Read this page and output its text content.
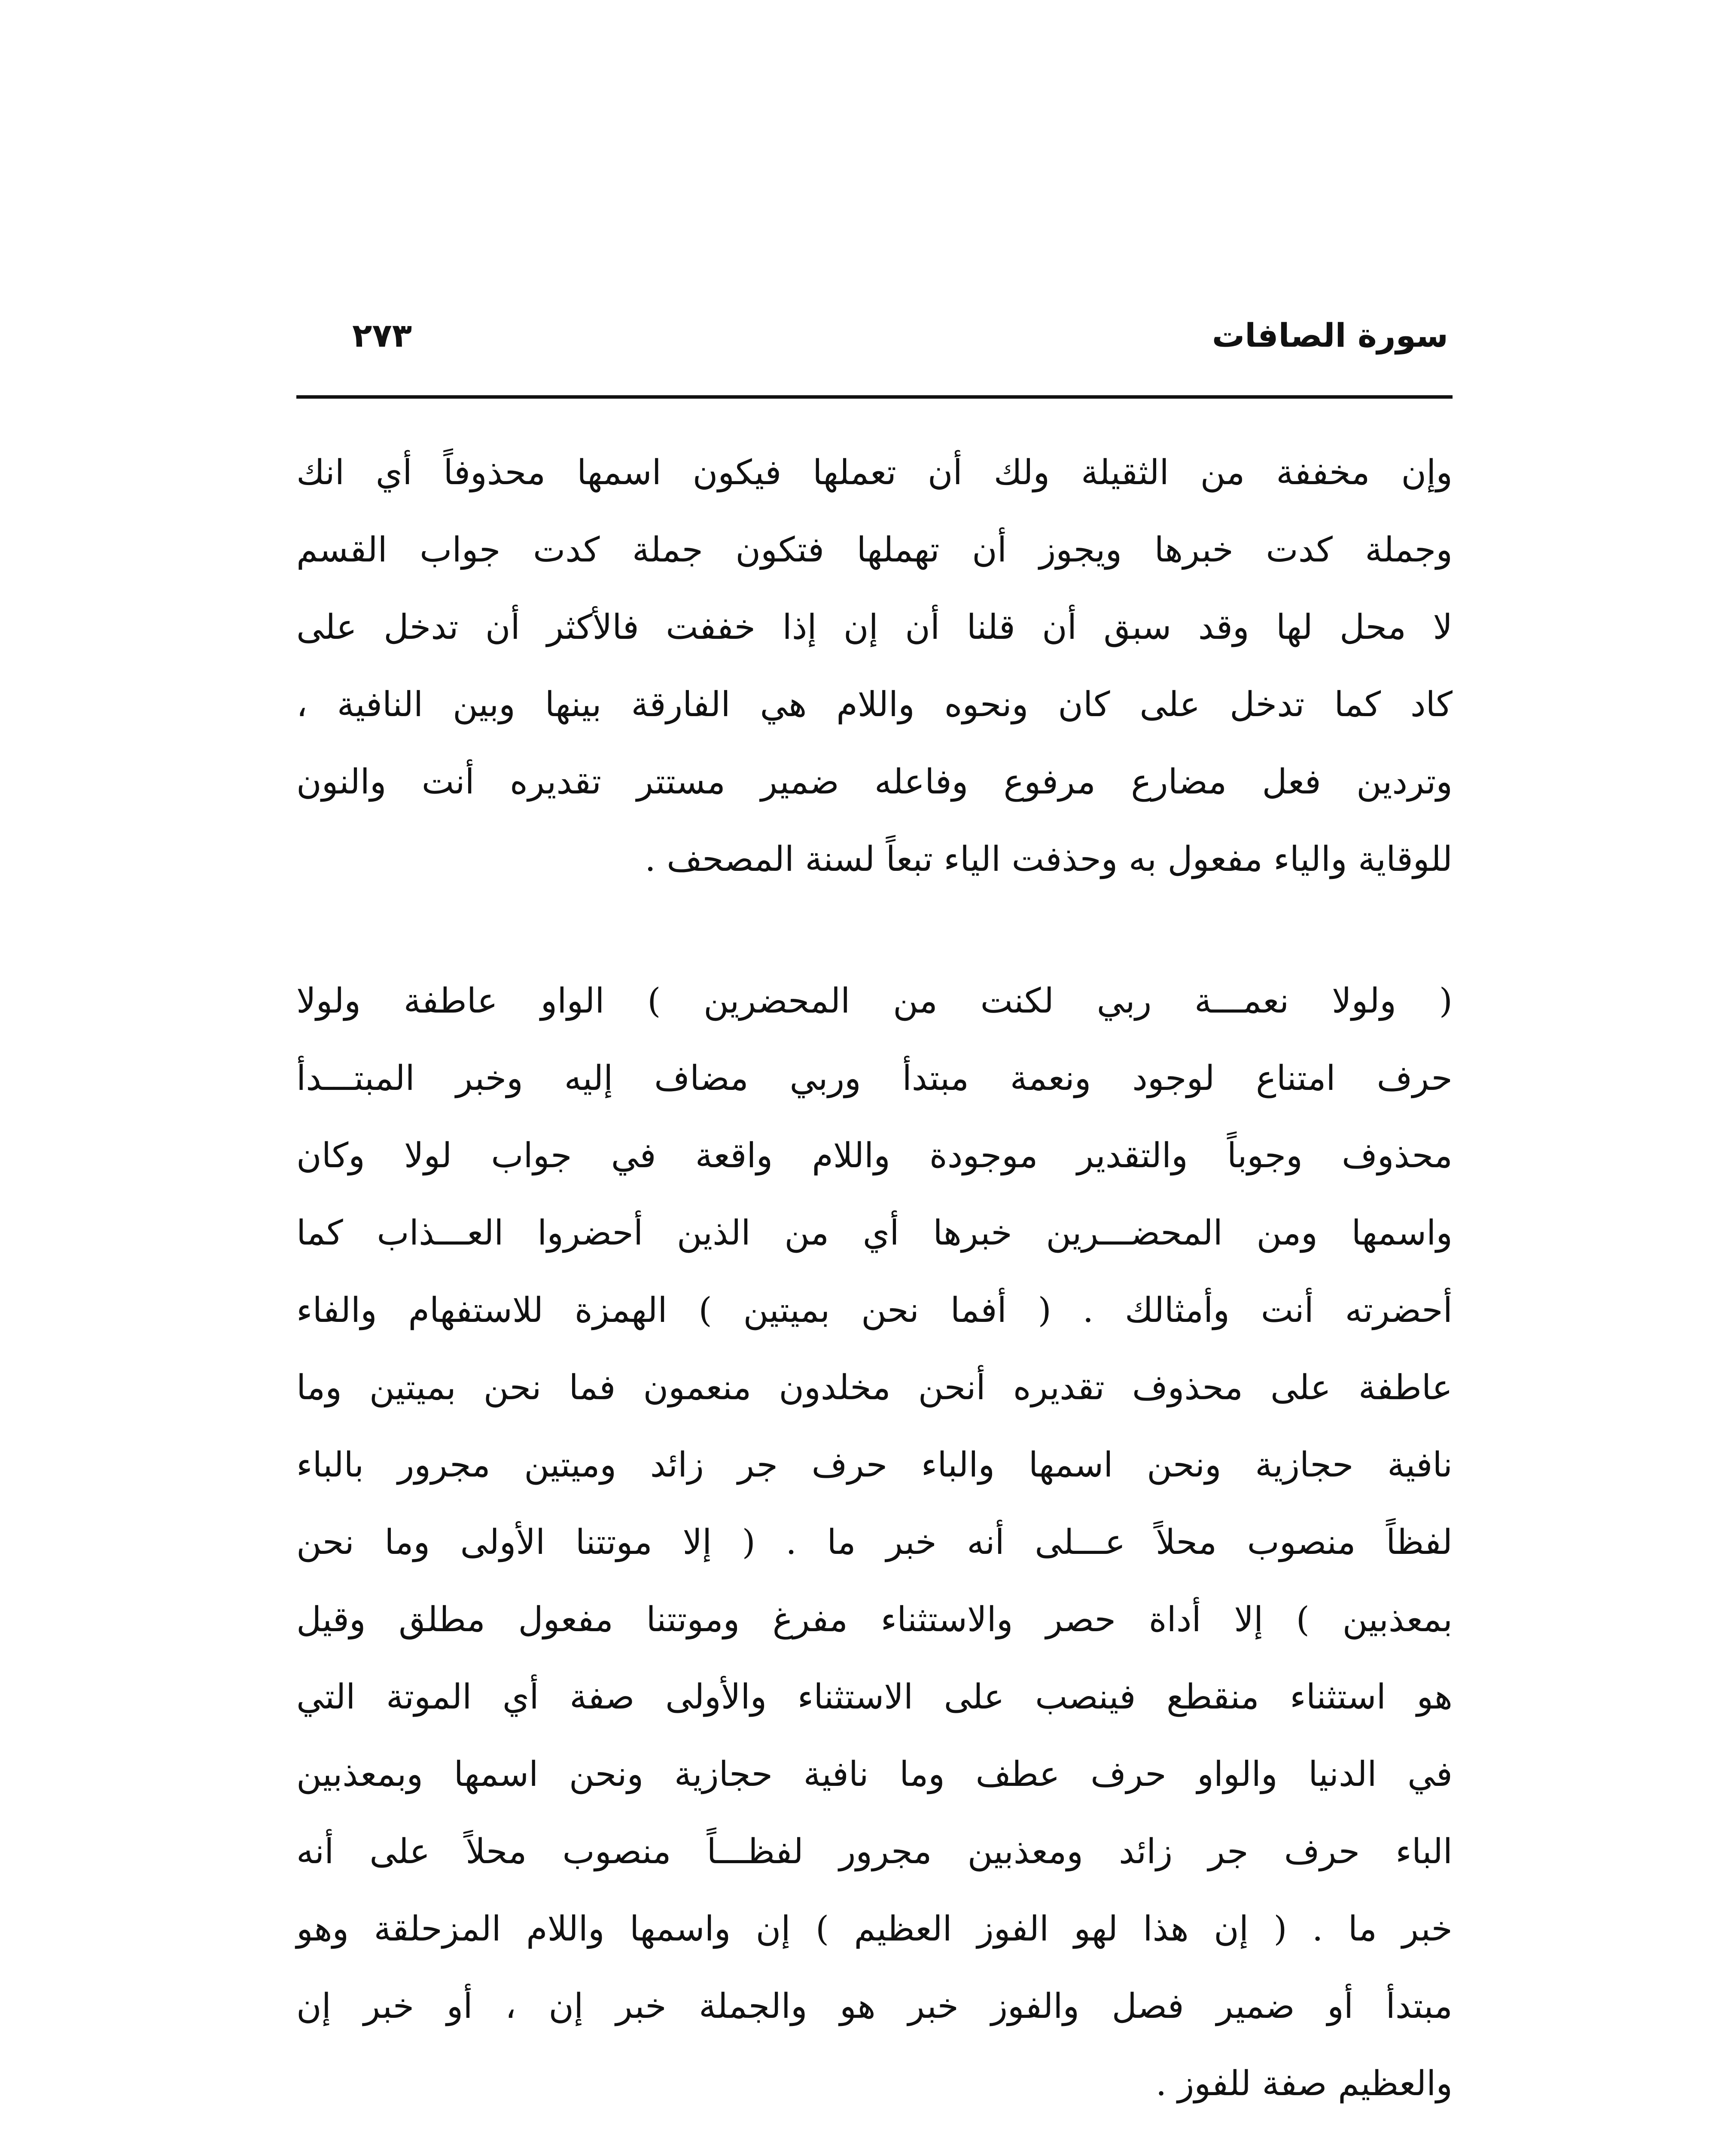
سورة الصافات
٢٧٣

وإن مخففة من الثقيلة ولك أن تعملها فيكون اسمها محذوفاً أي انك
وجملة كدت خبرها ويجوز أن تهملها فتكون جملة كدت جواب القسم
لا محل لها وقد سبق أن قلنا أن إن إذا خففت فالأكثر أن تدخل على
كاد كما تدخل على كان ونحوه واللام هي الفارقة بينها وبين النافية ،
وتردين فعل مضارع مرفوع وفاعله ضمير مستتر تقديره أنت والنون
للوقاية والياء مفعول به وحذفت الياء تبعاً لسنة المصحف .

( ولولا نعمـــة ربي لكنت من المحضرين ) الواو عاطفة ولولا
حرف امتناع لوجود ونعمة مبتدأ وربي مضاف إليه وخبر المبتـــدأ
محذوف وجوباً والتقدير موجودة واللام واقعة في جواب لولا وكان
واسمها ومن المحضـــرين خبرها أي من الذين أحضروا العـــذاب كما
أحضرته أنت وأمثالك . ( أفما نحن بميتين ) الهمزة للاستفهام والفاء
عاطفة على محذوف تقديره أنحن مخلدون منعمون فما نحن بميتين وما
نافية حجازية ونحن اسمها والباء حرف جر زائد وميتين مجرور بالباء
لفظاً منصوب محلاً عـــلى أنه خبر ما . ( إلا موتتنا الأولى وما نحن
بمعذبين ) إلا أداة حصر والاستثناء مفرغ وموتتنا مفعول مطلق وقيل
هو استثناء منقطع فينصب على الاستثناء والأولى صفة أي الموتة التي
في الدنيا والواو حرف عطف وما نافية حجازية ونحن اسمها وبمعذبين
الباء حرف جر زائد ومعذبين مجرور لفظـــاً منصوب محلاً على أنه
خبر ما . ( إن هذا لهو الفوز العظيم ) إن واسمها واللام المزحلقة وهو
مبتدأ أو ضمير فصل والفوز خبر هو والجملة خبر إن ، أو خبر إن
والعظيم صفة للفوز .
